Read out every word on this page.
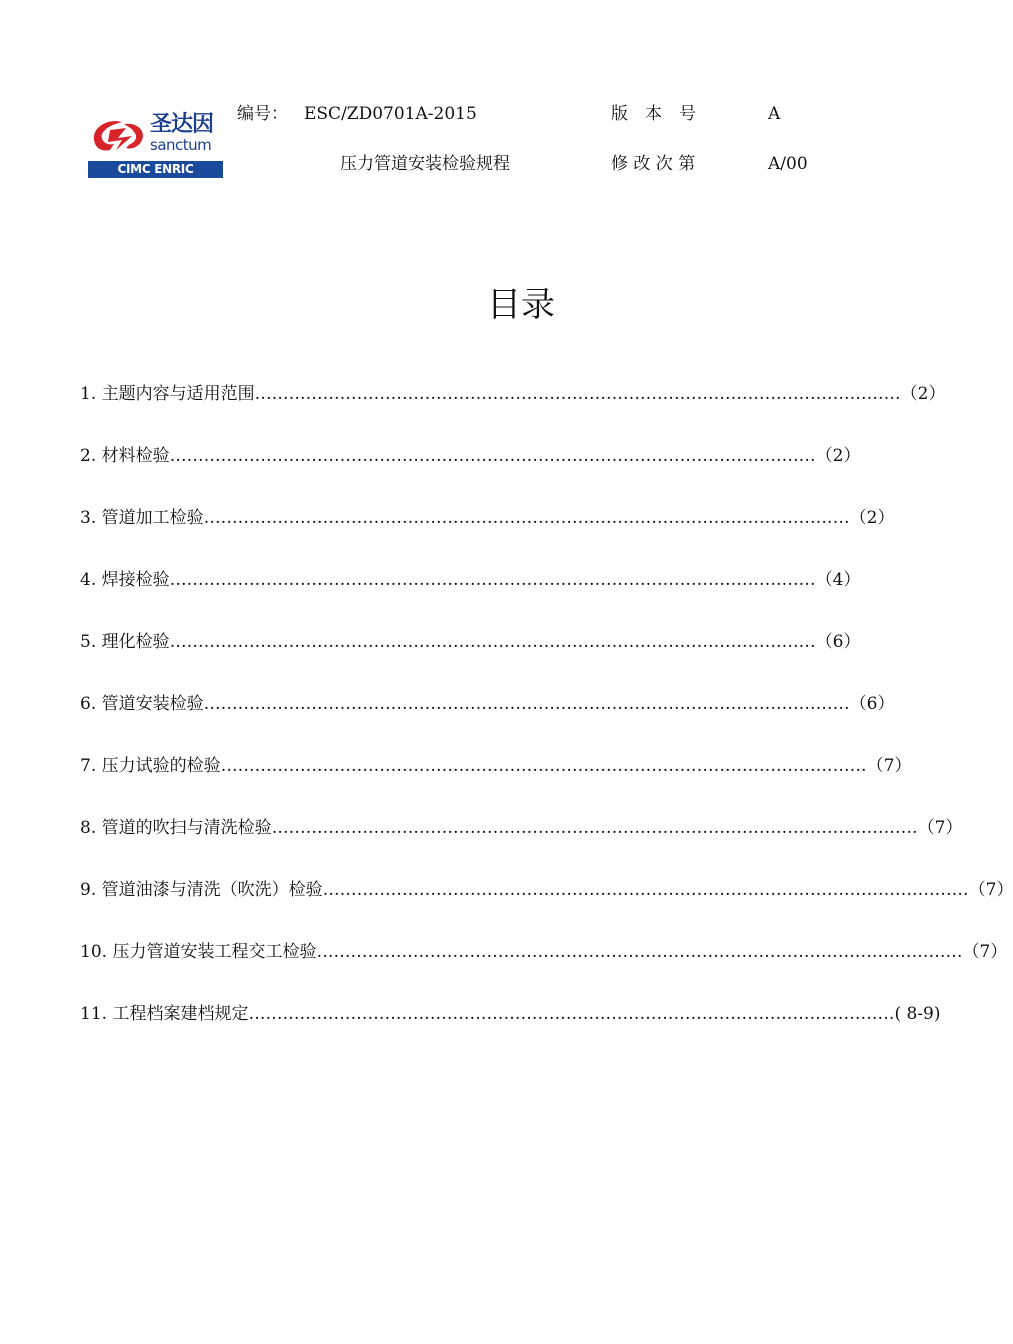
圣达因
sanctum
CIMC ENRIC
编号： ESC/ZD0701A-2015	版　本　号	A
压力管道安装检验规程	修 改 次 第	A/00
目录
1. 主题内容与适用范围 …………………………………………………………………………………………………… （2）
2. 材料检验 …………………………………………………………………………………………………… （2）
3. 管道加工检验 …………………………………………………………………………………………………… （2）
4. 焊接检验 …………………………………………………………………………………………………… （4）
5. 理化检验 …………………………………………………………………………………………………… （6）
6. 管道安装检验 …………………………………………………………………………………………………… （6）
7. 压力试验的检验 …………………………………………………………………………………………………… （7）
8. 管道的吹扫与清洗检验 …………………………………………………………………………………………………… （7）
9. 管道油漆与清洗（吹洗）检验 …………………………………………………………………………………………………… （7）
10. 压力管道安装工程交工检验 …………………………………………………………………………………………………… （7）
11. 工程档案建档规定 …………………………………………………………………………………………………… ( 8-9)
